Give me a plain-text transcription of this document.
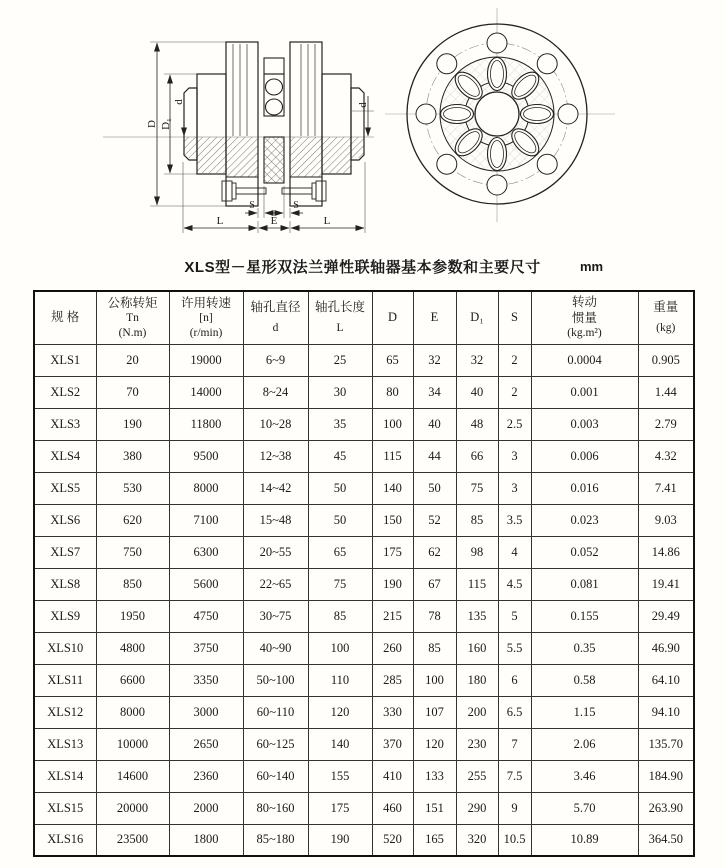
D D₁
d
d
S	S
L	E	L
XLS型－星形双法兰弹性联轴器基本参数和主要尺寸	mm
规 格

公称转矩
Tn
(N.m)

许用转速
[n]
(r/min)

轴孔直径
d

轴孔长度
L

D	E	D₁	S

转动
惯量
(kg.m²)

重量
(kg)

XLS1	20	19000	6~9	25	65	32	32	2	0.0004	0.905
XLS2	70	14000	8~24	30	80	34	40	2	0.001	1.44
XLS3	190	11800	10~28	35	100	40	48	2.5	0.003	2.79
XLS4	380	9500	12~38	45	115	44	66	3	0.006	4.32
XLS5	530	8000	14~42	50	140	50	75	3	0.016	7.41
XLS6	620	7100	15~48	50	150	52	85	3.5	0.023	9.03
XLS7	750	6300	20~55	65	175	62	98	4	0.052	14.86
XLS8	850	5600	22~65	75	190	67	115	4.5	0.081	19.41
XLS9	1950	4750	30~75	85	215	78	135	5	0.155	29.49
XLS10	4800	3750	40~90	100	260	85	160	5.5	0.35	46.90
XLS11	6600	3350	50~100	110	285	100	180	6	0.58	64.10
XLS12	8000	3000	60~110	120	330	107	200	6.5	1.15	94.10
XLS13	10000	2650	60~125	140	370	120	230	7	2.06	135.70
XLS14	14600	2360	60~140	155	410	133	255	7.5	3.46	184.90
XLS15	20000	2000	80~160	175	460	151	290	9	5.70	263.90
XLS16	23500	1800	85~180	190	520	165	320	10.5	10.89	364.50
